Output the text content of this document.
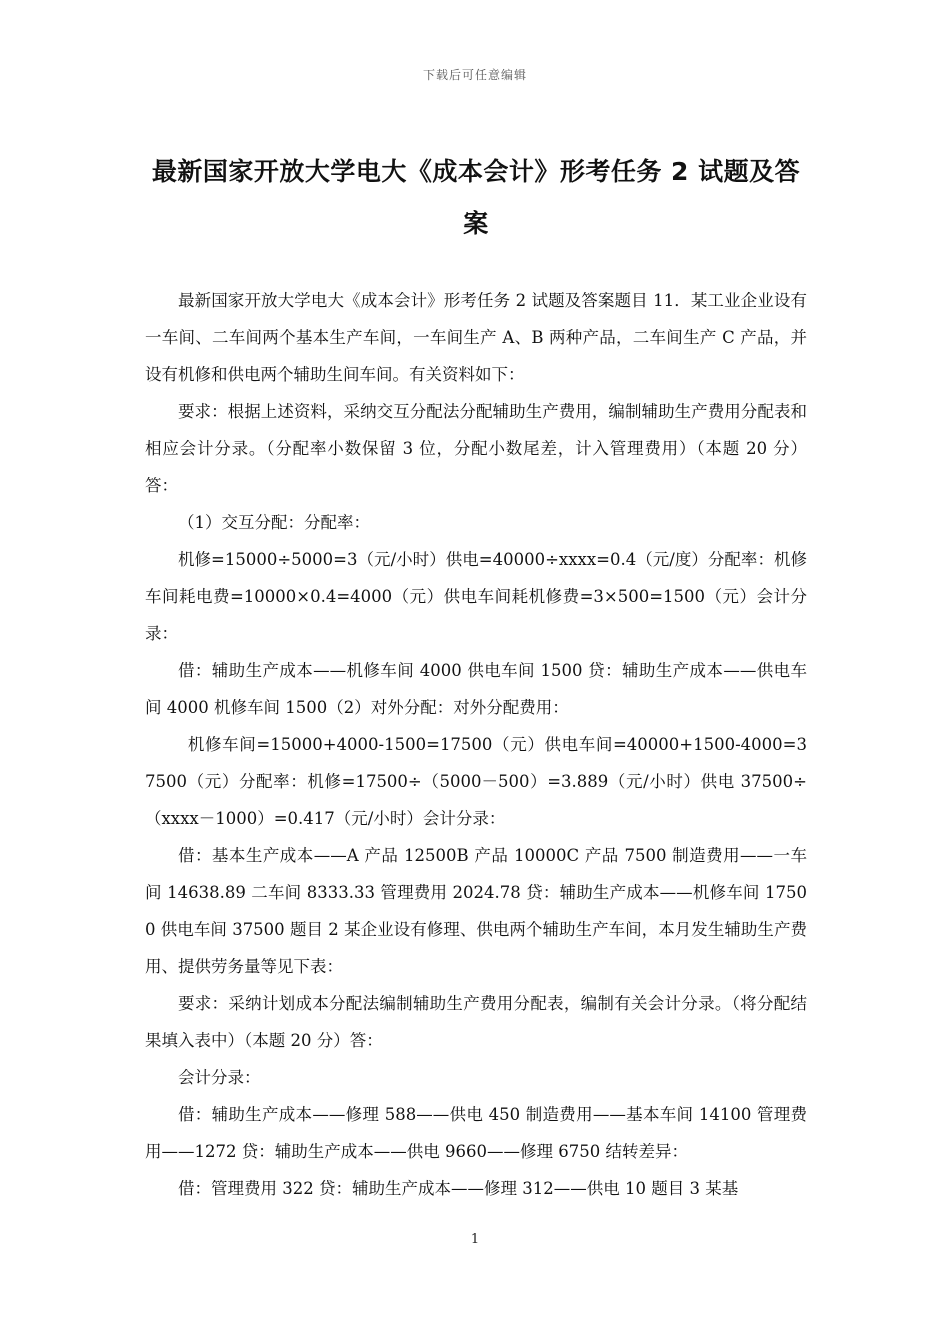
下载后可任意编辑
最新国家开放大学电大《成本会计》形考任务 2 试题及答案

最新国家开放大学电大《成本会计》形考任务 2 试题及答案题目 11．某工业企业设有一车间、二车间两个基本生产车间，一车间生产 A、B 两种产品，二车间生产 C 产品，并设有机修和供电两个辅助生间车间。有关资料如下：

要求：根据上述资料，采纳交互分配法分配辅助生产费用，编制辅助生产费用分配表和相应会计分录。（分配率小数保留 3 位，分配小数尾差，计入管理费用）（本题 20 分）答：

（1）交互分配：分配率：

机修=15000÷5000=3（元/小时）供电=40000÷xxxx=0.4（元/度）分配率：机修车间耗电费=10000×0.4=4000（元）供电车间耗机修费=3×500=1500（元）会计分录：

借：辅助生产成本——机修车间 4000 供电车间 1500 贷：辅助生产成本——供电车间 4000 机修车间 1500（2）对外分配：对外分配费用：

机修车间=15000+4000-1500=17500（元）供电车间=40000+1500-4000=37500（元）分配率：机修=17500÷（5000－500）=3.889（元/小时）供电 37500÷（xxxx－1000）=0.417（元/小时）会计分录：

借：基本生产成本——A 产品 12500B 产品 10000C 产品 7500 制造费用——一车间 14638.89 二车间 8333.33 管理费用 2024.78 贷：辅助生产成本——机修车间 17500 供电车间 37500 题目 2 某企业设有修理、供电两个辅助生产车间，本月发生辅助生产费用、提供劳务量等见下表：

要求：采纳计划成本分配法编制辅助生产费用分配表，编制有关会计分录。（将分配结果填入表中）（本题 20 分）答：

会计分录：

借：辅助生产成本——修理 588——供电 450 制造费用——基本车间 14100 管理费用——1272 贷：辅助生产成本——供电 9660——修理 6750 结转差异：

借：管理费用 322 贷：辅助生产成本——修理 312——供电 10 题目 3 某基

1
